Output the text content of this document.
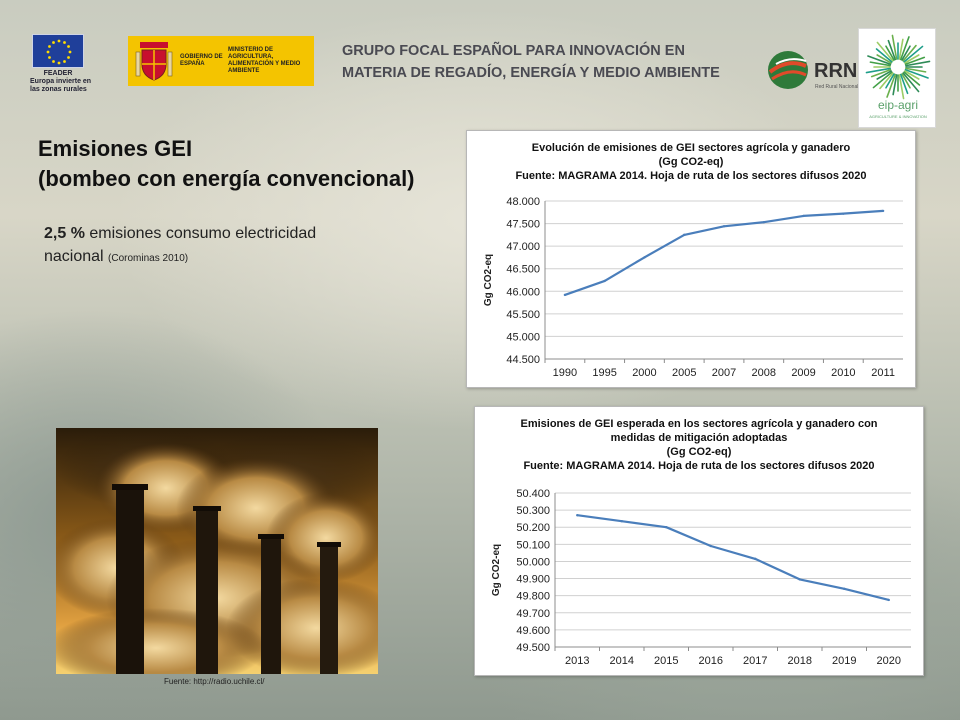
FEADER
Europa invierte en las zonas rurales
GOBIERNO DE ESPAÑA
MINISTERIO DE AGRICULTURA, ALIMENTACIÓN Y MEDIO AMBIENTE
GRUPO FOCAL ESPAÑOL PARA INNOVACIÓN EN
MATERIA DE REGADÍO, ENERGÍA Y MEDIO AMBIENTE	RRN
Red Rural Nacional
eip-agri
AGRICULTURE & INNOVATION
Emisiones GEI
(bombeo con energía convencional)
2,5 % emisiones consumo electricidad
nacional (Corominas 2010)
Fuente: http://radio.uchile.cl/
Evolución de emisiones de GEI sectores agrícola y ganadero
(Gg CO2-eq)
Fuente: MAGRAMA 2014. Hoja de ruta de los sectores difusos 2020
44.500
45.000
45.500
46.000
46.500
47.000
47.500
48.000
1990 1995 2000 2005 2007 2008 2009 2010 2011
Gg CO2-eq
Emisiones de GEI esperada en los sectores agrícola y ganadero con
medidas de mitigación adoptadas
(Gg CO2-eq)
Fuente: MAGRAMA 2014. Hoja de ruta de los sectores difusos 2020
49.500
49.600
49.700
49.800
49.900
50.000
50.100
50.200
50.300
50.400
2013 2014 2015 2016 2017 2018 2019 2020
Gg CO2-eq
